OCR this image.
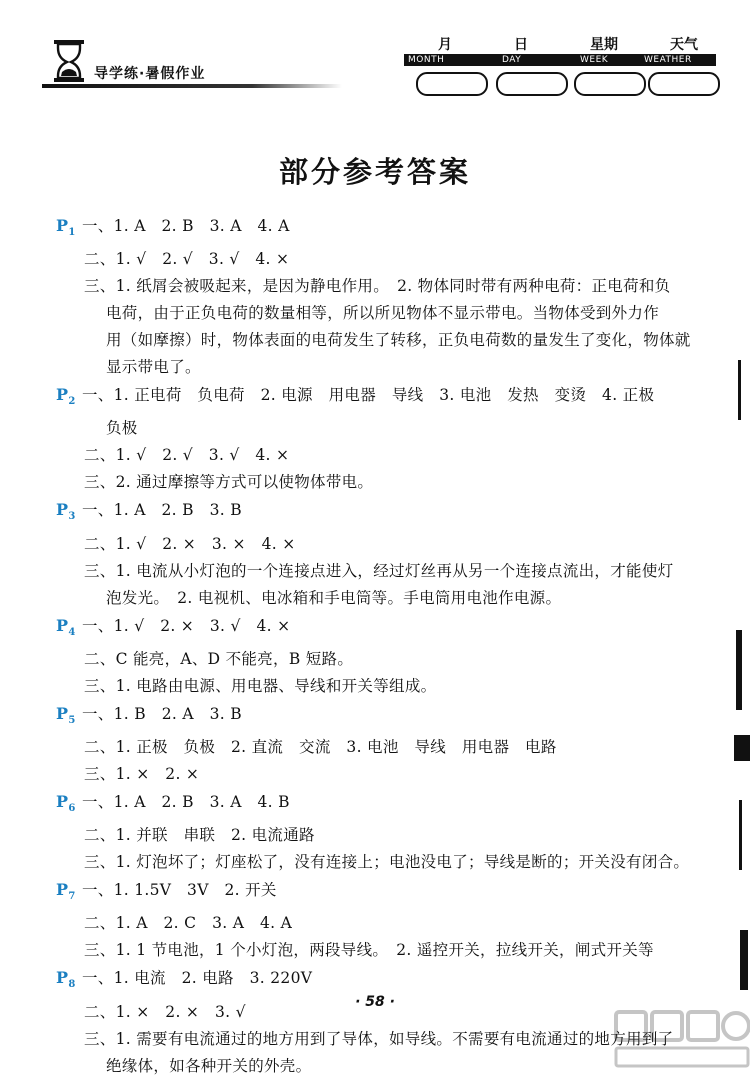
导学练·暑假作业
月	日	星期	天气
MONTH	DAY	WEEK	WEATHER
部分参考答案
$P_1$ 一、1. A　2. B　3. A　4. A
二、1. √　2. √　3. √　4. ×
三、1. 纸屑会被吸起来，是因为静电作用。　2. 物体同时带有两种电荷：正电荷和负
电荷，由于正负电荷的数量相等，所以所见物体不显示带电。当物体受到外力作
用（如摩擦）时，物体表面的电荷发生了转移，正负电荷数的量发生了变化，物体就
显示带电了。
$P_2$ 一、1. 正电荷　负电荷　2. 电源　用电器　导线　3. 电池　发热　变烫　4. 正极
负极
二、1. √　2. √　3. √　4. ×
三、2. 通过摩擦等方式可以使物体带电。
$P_3$ 一、1. A　2. B　3. B
二、1. √　2. ×　3. ×　4. ×
三、1. 电流从小灯泡的一个连接点进入，经过灯丝再从另一个连接点流出，才能使灯
泡发光。　2. 电视机、电冰箱和手电筒等。手电筒用电池作电源。
$P_4$ 一、1. √　2. ×　3. √　4. ×
二、C 能亮，A、D 不能亮，B 短路。
三、1. 电路由电源、用电器、导线和开关等组成。
$P_5$ 一、1. B　2. A　3. B
二、1. 正极　负极　2. 直流　交流　3. 电池　导线　用电器　电路
三、1. ×　2. ×
$P_6$ 一、1. A　2. B　3. A　4. B
二、1. 并联　串联　2. 电流通路
三、1. 灯泡坏了；灯座松了，没有连接上；电池没电了；导线是断的；开关没有闭合。
$P_7$ 一、1. 1.5V　3V　2. 开关
二、1. A　2. C　3. A　4. A
三、1. 1 节电池，1 个小灯泡，两段导线。　2. 遥控开关，拉线开关，闸式开关等
$P_8$ 一、1. 电流　2. 电路　3. 220V
二、1. ×　2. ×　3. √
三、1. 需要有电流通过的地方用到了导体，如导线。不需要有电流通过的地方用到了
绝缘体，如各种开关的外壳。
· 58 ·
